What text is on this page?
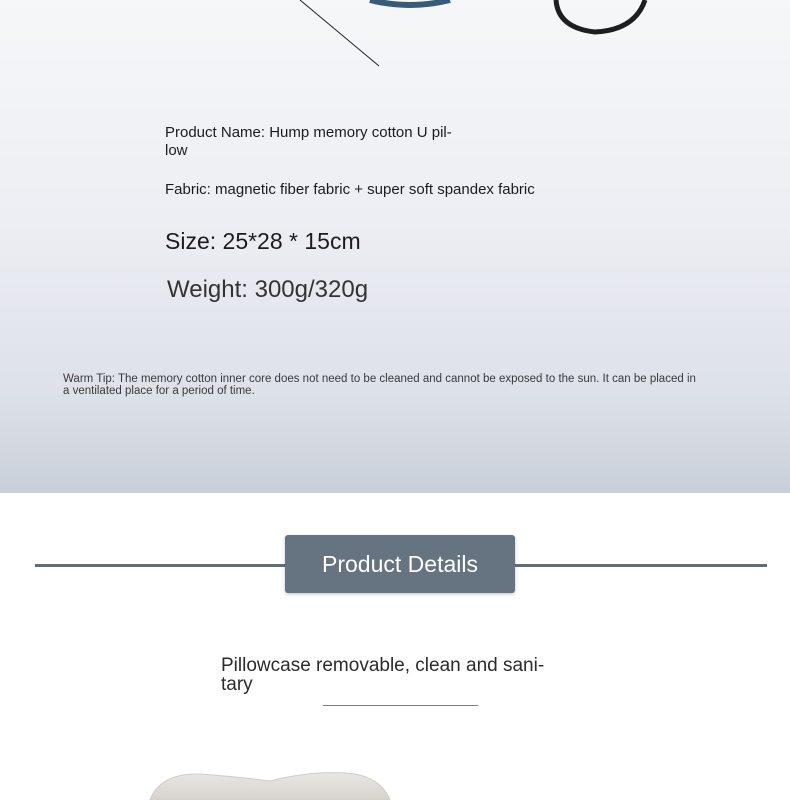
Product Name: Hump memory cotton U pil-
low

Fabric: magnetic fiber fabric + super soft spandex fabric

Size: 25*28 * 15cm

Weight: 300g/320g

Warm Tip: The memory cotton inner core does not need to be cleaned and cannot be exposed to the sun. It can be placed in a ventilated place for a period of time.

Product Details

Pillowcase removable, clean and sani-
tary
